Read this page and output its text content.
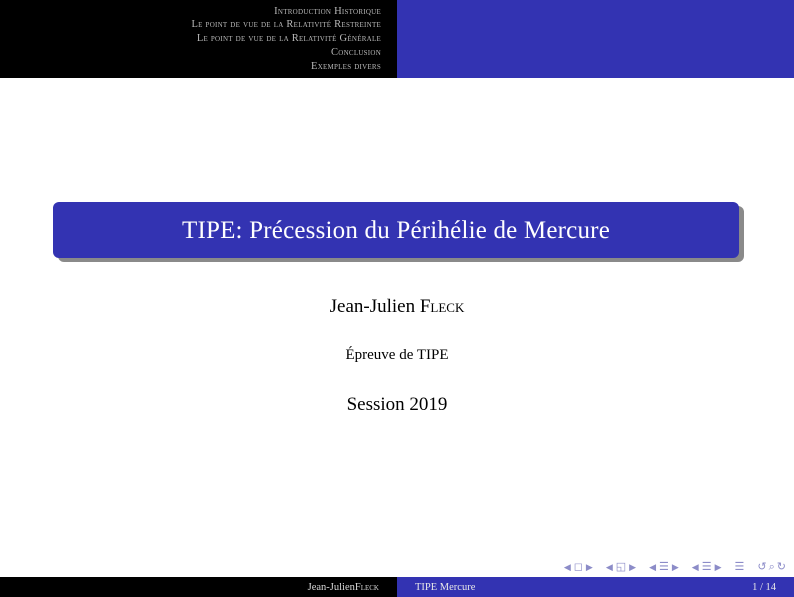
Introduction Historique
Le point de vue de la Relativité Restreinte
Le point de vue de la Relativité Générale
Conclusion
Exemples divers
TIPE: Précession du Périhélie de Mercure
Jean-Julien Fleck
Épreuve de TIPE
Session 2019
◀ ◻ ▶ ◀ ◱ ▶ ◀ ☰ ▶ ◀ ☰ ▶ ☰ ↺ ⌕ ↻
Jean-Julien Fleck	TIPE Mercure	1 / 14
